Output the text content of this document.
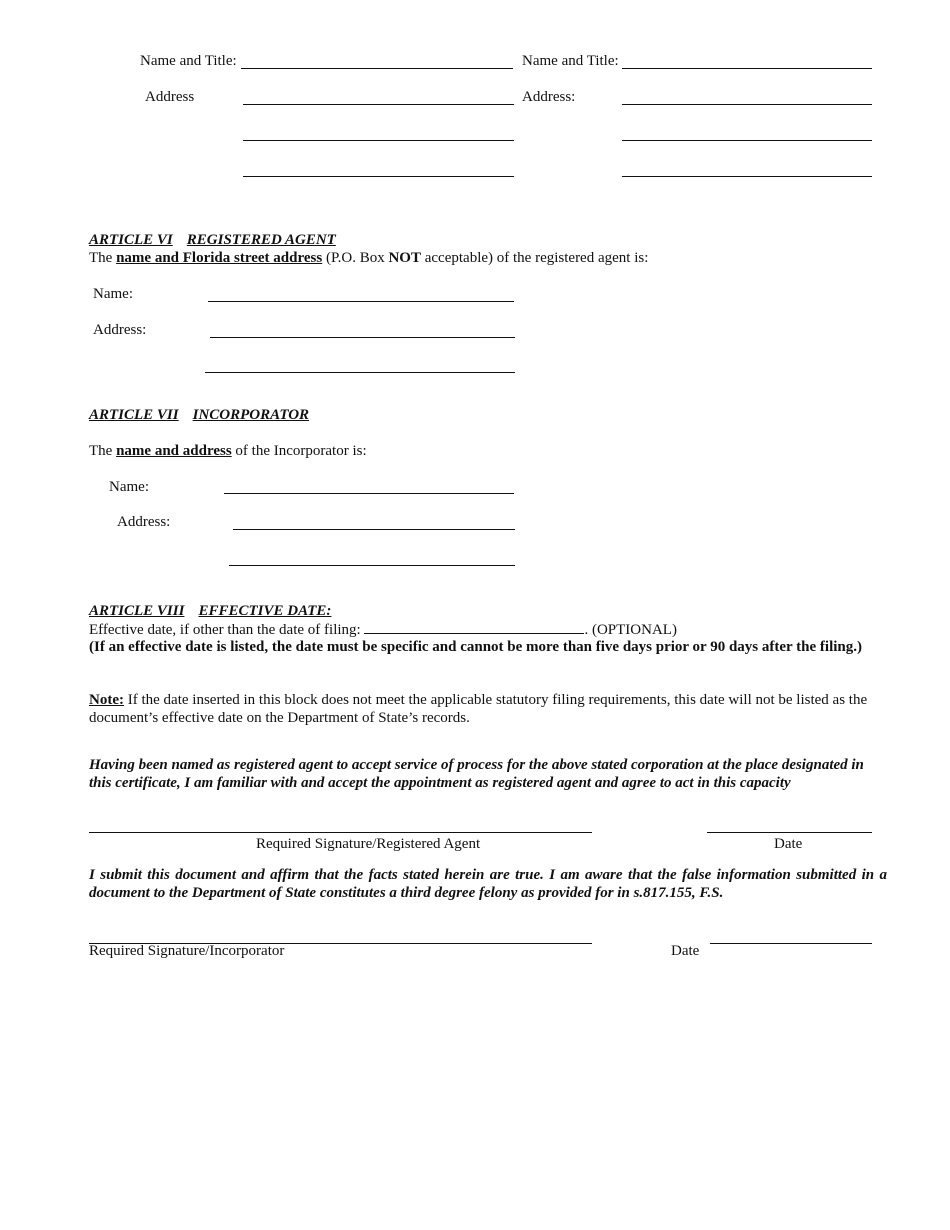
Name and Title:	Name and Title:
Address	Address:
ARTICLE VI REGISTERED AGENT
The name and Florida street address (P.O. Box NOT acceptable) of the registered agent is:
Name:
Address:
ARTICLE VII INCORPORATOR
The name and address of the Incorporator is:
Name:
Address:
ARTICLE VIII EFFECTIVE DATE:
Effective date, if other than the date of filing:	. (OPTIONAL)
(If an effective date is listed, the date must be specific and cannot be more than five days prior or 90 days after the filing.)
Note: If the date inserted in this block does not meet the applicable statutory filing requirements, this date will not be listed as the document’s effective date on the Department of State’s records.
Having been named as registered agent to accept service of process for the above stated corporation at the place designated in this certificate, I am familiar with and accept the appointment as registered agent and agree to act in this capacity
Required Signature/Registered Agent	Date
I submit this document and affirm that the facts stated herein are true. I am aware that the false information submitted in a document to the Department of State constitutes a third degree felony as provided for in s.817.155, F.S.
Required Signature/Incorporator	Date
